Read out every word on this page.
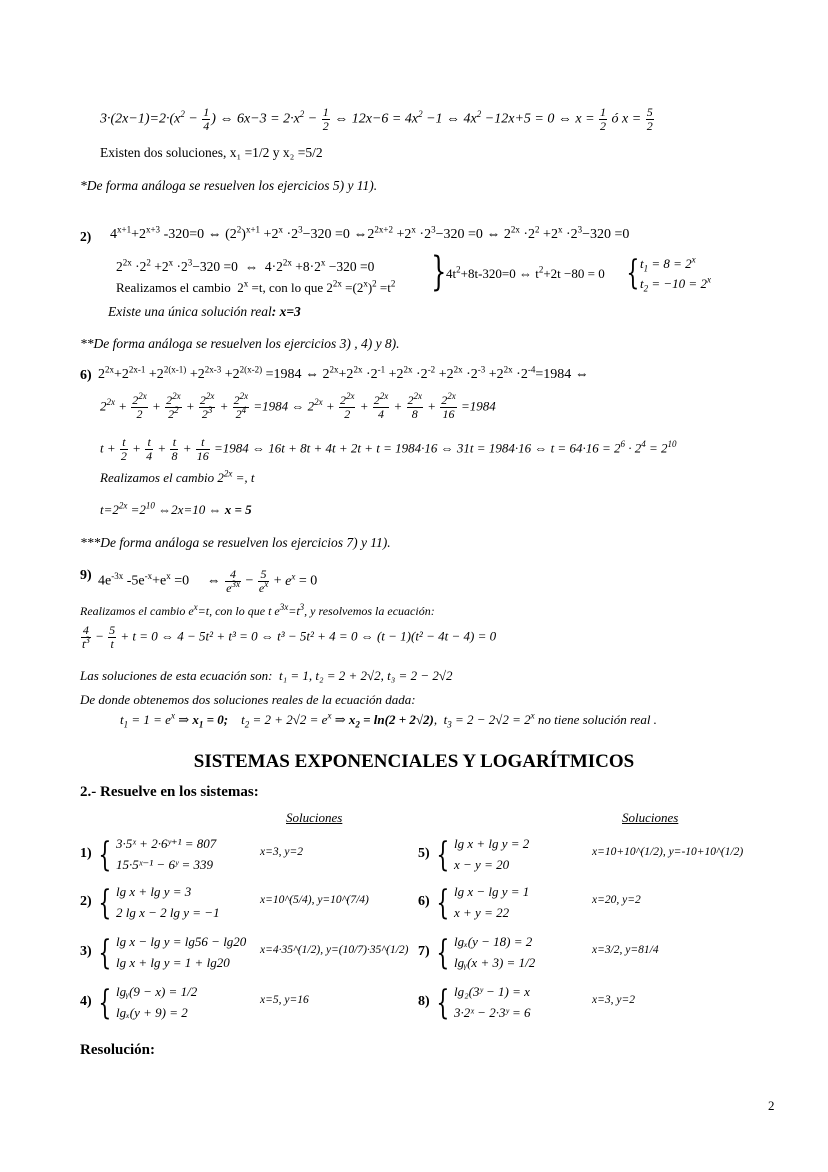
$3\cdot(2x-1)=2\cdot(x^2 - \frac{1}{4}$ ) ⇔ $6x-3 = 2\cdot x^2 - \frac{1}{2}$ ⇔ $12x-6 = 4x^2 -1$ ⇔ $4x^2 -12x+5 = 0$ ⇔ $x = \frac{1}{2}$ ó $x = \frac{5}{2}$
Existen dos soluciones, x₁ =1/2 y x₂ =5/2
*De forma análoga se resuelven los ejercicios 5) y 11).
2) $4^{x+1}+2^{x+3}$ -320=0 ⇔ $(2^2)^{x+1} +2^x \cdot 2^3-320 =0$ $\Leftrightarrow 2^{2x+2} +2^x \cdot 2^3-320 =0$ ⇔ $2^{2x} \cdot 2^2 +2^x \cdot 2^3-320 =0$
$2^{2x} \cdot 2^2 +2^x \cdot 2^3-320 =0$  ⇔  $4\cdot 2^{2x} +8\cdot 2^x -320 =0$
Realizamos el cambio  $2^x =t$, con lo que $2^{2x} =(2^x)^2 =t^2$ } $4t^2+8t-320=0$ ⇔ $t^2+2t -80 = 0$ { $t_1 = 8 = 2^x$
$t_2 = -10 = 2^x$
Existe una única solución real: x=3
**De forma análoga se resuelven los ejercicios 3) , 4) y 8).
6) $2^{2x}+2^{2x-1} +2^{2(x-1)} +2^{2x-3} +2^{2(x-2)} =1984$ ⇔ $2^{2x}+2^{2x} \cdot 2^{-1} +2^{2x} \cdot 2^{-2} +2^{2x} \cdot 2^{-3} +2^{2x} \cdot 2^{-4}=1984$ ⇔
$2^{2x} + \frac{2^{2x}}{2} + \frac{2^{2x}}{2^2} + \frac{2^{2x}}{2^3} + \frac{2^{2x}}{2^4} =1984$ ⇔ $2^{2x} + \frac{2^{2x}}{2} + \frac{2^{2x}}{4} + \frac{2^{2x}}{8} + \frac{2^{2x}}{16} =1984$
$t + \frac{t}{2} + \frac{t}{4} + \frac{t}{8} + \frac{t}{16} =1984$ ⇔ 16t + 8t + 4t + 2t + t = 1984·16 ⇔ 31t = 1984·16 ⇔ $t = 64\cdot 16 = 2^6 \cdot 2^4 = 2^{10}$
Realizamos el cambio $2^{2x}$ =, t
$t=2^{2x} =2^{10}$ ⇔2x=10 ⇔ x = 5
***De forma análoga se resuelven los ejercicios 7) y 11).
9) $4e^{-3x}$ $-5e^{-x}+e^x =0$     ⇔ $\frac{4}{e^{3x}} - \frac{5}{e^x} + e^x = 0$
Realizamos el cambio $e^x=t$, con lo que t $e^{3x}=t^3$, y resolvemos la ecuación:
$\frac{4}{t^3} - \frac{5}{t} + t = 0$ ⇔ 4 − 5t² + t³ = 0 ⇔ t³ − 5t² + 4 = 0 ⇔ (t − 1)(t² − 4t − 4) = 0
Las soluciones de esta ecuación son: t₁ = 1, t₂ = 2 + 2√2, t₃ = 2 − 2√2
De donde obtenemos dos soluciones reales de la ecuación dada:
$t_1 = 1 = e^x$ ⇒ $x_1 = 0$;    $t_2 = 2 + 2√2 = e^x$ ⇒ $x_2 = \ln(2 + 2√2)$,  $t_3 = 2 - 2√2 = 2^x$ no tiene solución real .
SISTEMAS EXPONENCIALES Y LOGARÍTMICOS
2.- Resuelve en los sistemas:
Soluciones	Soluciones
1) { 3·5ˣ + 2·6ʸ⁺¹ = 807
15·5ˣ⁻¹ − 6ʸ = 339
x=3, y=2
2) { lg x + lg y = 3
2 lg x − 2 lg y = −1
x=10^(5/4), y=10^(7/4)
3) { lg x − lg y = lg56 − lg20
lg x + lg y = 1 + lg20
x=4·35^(1/2), y=(10/7)·35^(1/2)
4) { lgᵧ(9 − x) = 1/2
lgₓ(y + 9) = 2
x=5, y=16
5) { lg x + lg y = 2
x − y = 20
x=10+10^(1/2), y=-10+10^(1/2)
6) { lg x − lg y = 1
x + y = 22
x=20, y=2
7) { lgₓ(y − 18) = 2
lgᵧ(x + 3) = 1/2
x=3/2, y=81/4
8) { lg₂(3ʸ − 1) = x
3·2ˣ − 2·3ʸ = 6
x=3, y=2
Resolución:
2
